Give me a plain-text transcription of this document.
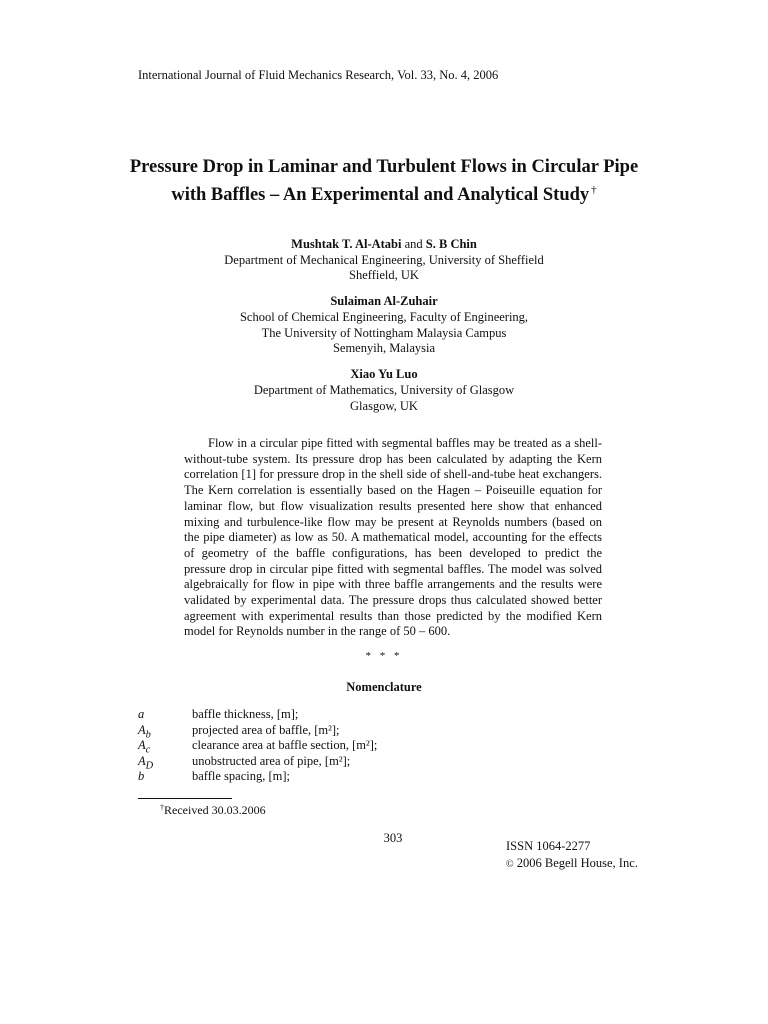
International Journal of Fluid Mechanics Research, Vol. 33, No. 4, 2006
Pressure Drop in Laminar and Turbulent Flows in Circular Pipe
with Baffles – An Experimental and Analytical Study †
Mushtak T. Al-Atabi and S. B Chin
Department of Mechanical Engineering, University of Sheffield
Sheffield, UK
Sulaiman Al-Zuhair
School of Chemical Engineering, Faculty of Engineering,
The University of Nottingham Malaysia Campus
Semenyih, Malaysia
Xiao Yu Luo
Department of Mathematics, University of Glasgow
Glasgow, UK

Flow in a circular pipe fitted with segmental baffles may be treated as a shell-without-tube system. Its pressure drop has been calculated by adapting the Kern correlation [1] for pressure drop in the shell side of shell-and-tube heat exchangers. The Kern correlation is essentially based on the Hagen – Poiseuille equation for laminar flow, but flow visualization results presented here show that enhanced mixing and turbulence-like flow may be present at Reynolds numbers (based on the pipe diameter) as low as 50. A mathematical model, accounting for the effects of geometry of the baffle configurations, has been developed to predict the pressure drop in circular pipe fitted with segmental baffles. The model was solved algebraically for flow in pipe with three baffle arrangements and the results were validated by experimental data. The pressure drops thus calculated showed better agreement with experimental results than those predicted by the modified Kern model for Reynolds number in the range of 50 – 600.

* * *
Nomenclature
a	baffle thickness, [m];
$A_b$	projected area of baffle, [m²];
$A_c$	clearance area at baffle section, [m²];
$A_D$	unobstructed area of pipe, [m²];
b	baffle spacing, [m];
†Received 30.03.2006
303
ISSN 1064-2277
© 2006 Begell House, Inc.
